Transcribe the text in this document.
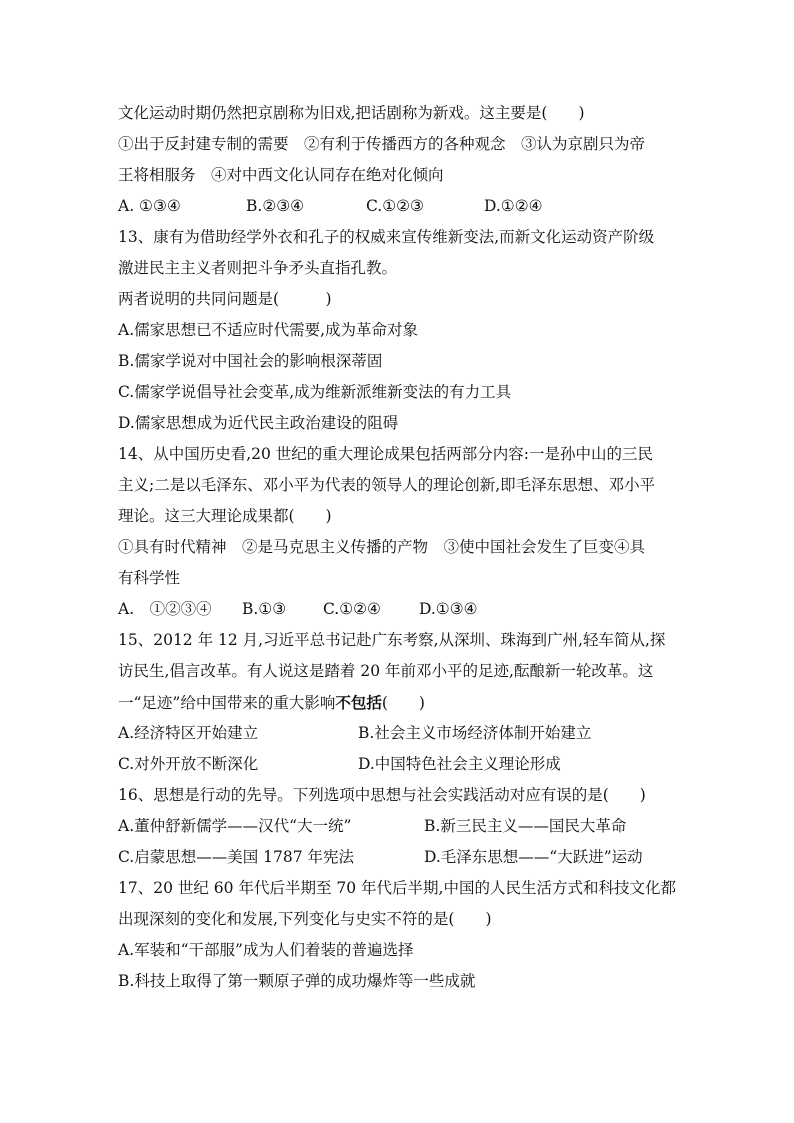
文化运动时期仍然把京剧称为旧戏,把话剧称为新戏。这主要是(　　)
①出于反封建专制的需要　②有利于传播西方的各种观念　③认为京剧只为帝
王将相服务　④对中西文化认同存在绝对化倾向
A. ①③④	B.②③④	C.①②③	D.①②④
13、康有为借助经学外衣和孔子的权威来宣传维新变法,而新文化运动资产阶级
激进民主主义者则把斗争矛头直指孔教。
两者说明的共同问题是(　　　)
A.儒家思想已不适应时代需要,成为革命对象
B.儒家学说对中国社会的影响根深蒂固
C.儒家学说倡导社会变革,成为维新派维新变法的有力工具
D.儒家思想成为近代民主政治建设的阻碍
14、从中国历史看,20 世纪的重大理论成果包括两部分内容:一是孙中山的三民
主义;二是以毛泽东、邓小平为代表的领导人的理论创新,即毛泽东思想、邓小平
理论。这三大理论成果都(　　)
①具有时代精神　②是马克思主义传播的产物　③使中国社会发生了巨变④具
有科学性
A.　①②③④ B.①③ C.①②④ D.①③④
15、2012 年 12 月,习近平总书记赴广东考察,从深圳、珠海到广州,轻车简从,探
访民生,倡言改革。有人说这是踏着 20 年前邓小平的足迹,酝酿新一轮改革。这
一“足迹”给中国带来的重大影响不包括(　　)
A.经济特区开始建立	B.社会主义市场经济体制开始建立
C.对外开放不断深化	D.中国特色社会主义理论形成
16、思想是行动的先导。下列选项中思想与社会实践活动对应有误的是(　　)
A.董仲舒新儒学——汉代“大一统”	B.新三民主义——国民大革命
C.启蒙思想——美国 1787 年宪法	D.毛泽东思想——“大跃进”运动
17、20 世纪 60 年代后半期至 70 年代后半期,中国的人民生活方式和科技文化都
出现深刻的变化和发展,下列变化与史实不符的是(　　)
A.军装和“干部服”成为人们着装的普遍选择
B.科技上取得了第一颗原子弹的成功爆炸等一些成就
